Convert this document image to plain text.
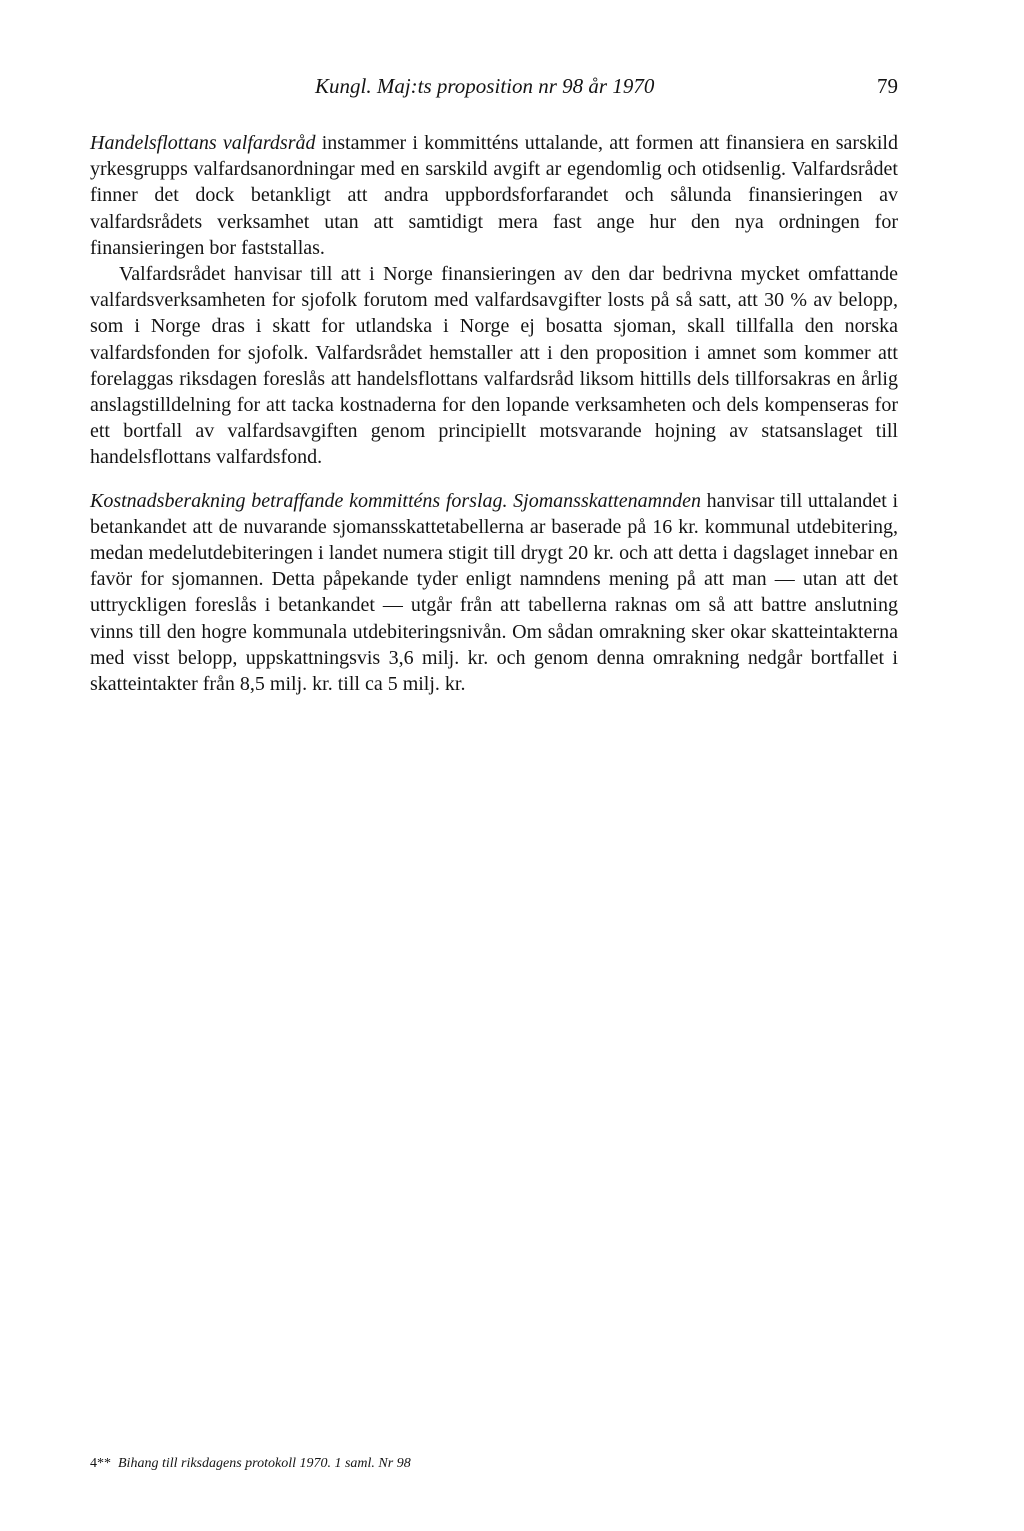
Kungl. Maj:ts proposition nr 98 år 1970	79

Handelsflottans valfardsråd instammer i kommitténs uttalande, att formen att finansiera en sarskild yrkesgrupps valfardsanordningar med en sarskild avgift ar egendomlig och otidsenlig. Valfardsrådet finner det dock betankligt att andra uppbordsforfarandet och sålunda finansieringen av valfardsrådets verksamhet utan att samtidigt mera fast ange hur den nya ordningen for finansieringen bor faststallas.

Valfardsrådet hanvisar till att i Norge finansieringen av den dar bedrivna mycket omfattande valfardsverksamheten for sjofolk forutom med valfardsavgifter losts på så satt, att 30 % av belopp, som i Norge dras i skatt for utlandska i Norge ej bosatta sjoman, skall tillfalla den norska valfardsfonden for sjofolk. Valfardsrådet hemstaller att i den proposition i amnet som kommer att forelaggas riksdagen foreslås att handelsflottans valfardsråd liksom hittills dels tillforsakras en årlig anslagstilldelning for att tacka kostnaderna for den lopande verksamheten och dels kompenseras for ett bortfall av valfardsavgiften genom principiellt motsvarande hojning av statsanslaget till handelsflottans valfardsfond.

Kostnadsberakning betraffande kommitténs forslag. Sjomansskattenamnden hanvisar till uttalandet i betankandet att de nuvarande sjomansskattetabellerna ar baserade på 16 kr. kommunal utdebitering, medan medelutdebiteringen i landet numera stigit till drygt 20 kr. och att detta i dagslaget innebar en favör for sjomannen. Detta påpekande tyder enligt namndens mening på att man — utan att det uttryckligen foreslås i betankandet — utgår från att tabellerna raknas om så att battre anslutning vinns till den hogre kommunala utdebiteringsnivån. Om sådan omrakning sker okar skatteintakterna med visst belopp, uppskattningsvis 3,6 milj. kr. och genom denna omrakning nedgår bortfallet i skatteintakter från 8,5 milj. kr. till ca 5 milj. kr.

4** Bihang till riksdagens protokoll 1970. 1 saml. Nr 98
